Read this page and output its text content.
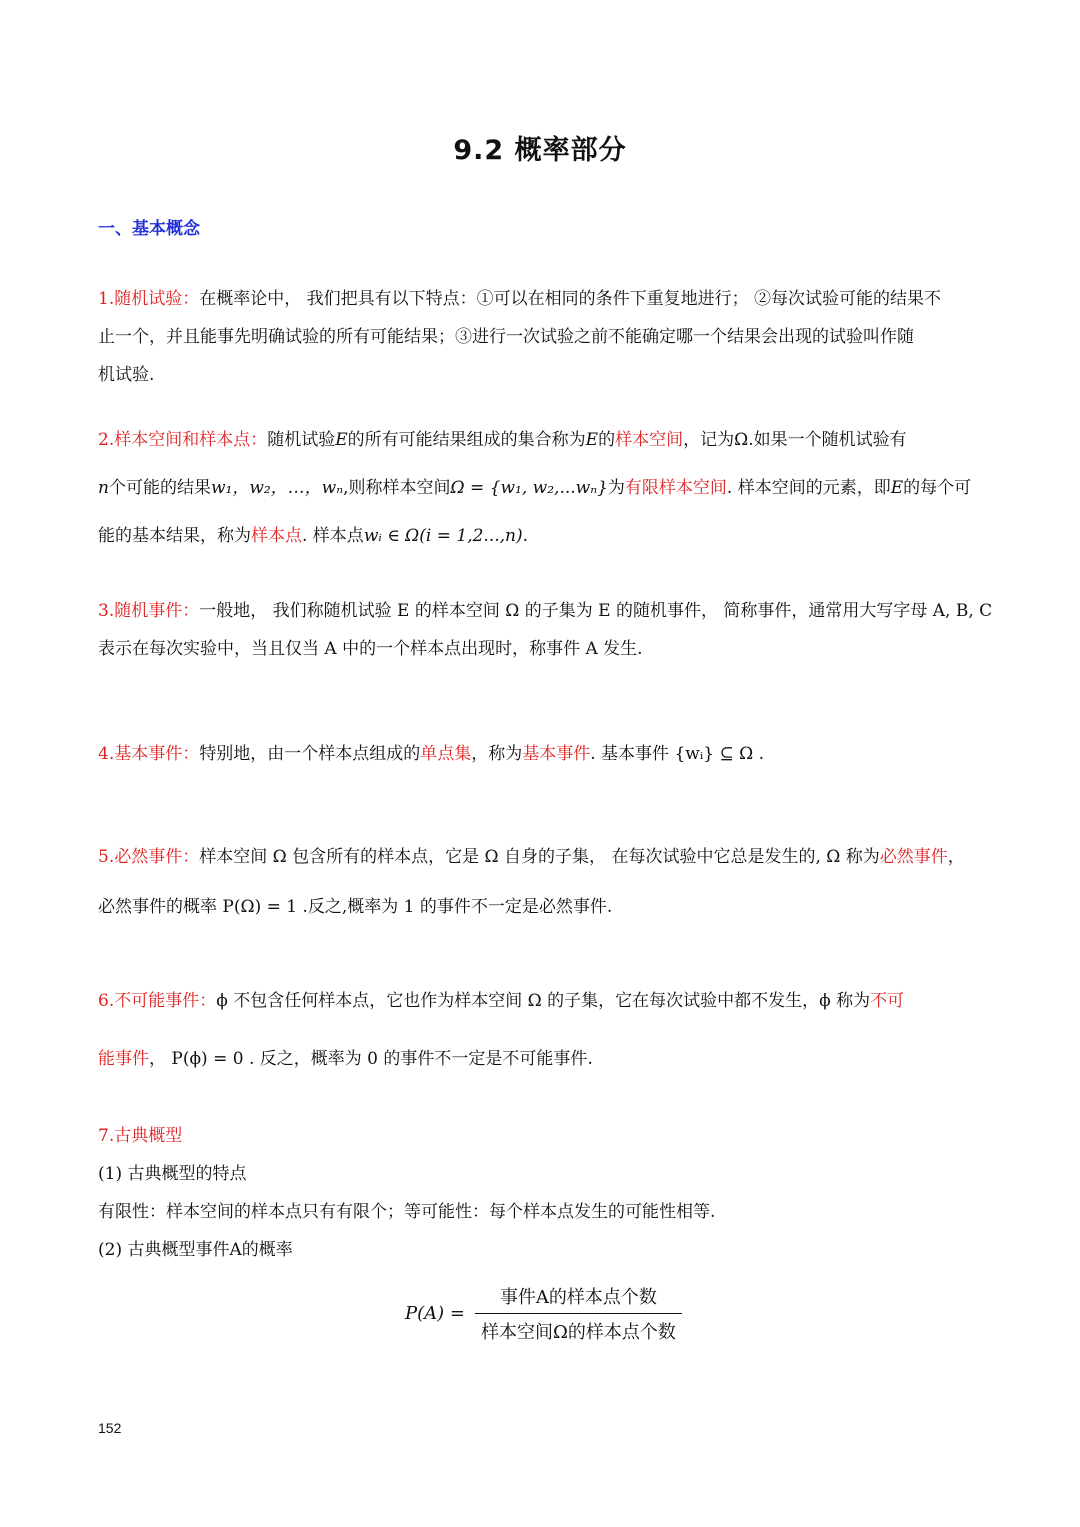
9.2 概率部分
一、基本概念
1.随机试验：在概率论中， 我们把具有以下特点：①可以在相同的条件下重复地进行； ②每次试验可能的结果不
止一个，并且能事先明确试验的所有可能结果；③进行一次试验之前不能确定哪一个结果会出现的试验叫作随
机试验.
2.样本空间和样本点：随机试验E的所有可能结果组成的集合称为E的样本空间，记为Ω.如果一个随机试验有
n个可能的结果w₁，w₂，…，wₙ,则称样本空间Ω = {w₁, w₂,...wₙ}为有限样本空间. 样本空间的元素，即E的每个可
能的基本结果，称为样本点. 样本点wᵢ ∈ Ω(i = 1,2...,n).
3.随机事件：一般地， 我们称随机试验 E 的样本空间 Ω 的子集为 E 的随机事件， 简称事件，通常用大写字母 A, B, C
表示在每次实验中，当且仅当 A 中的一个样本点出现时，称事件 A 发生.
4.基本事件：特别地，由一个样本点组成的单点集，称为基本事件. 基本事件 {wᵢ} ⊆ Ω .
5.必然事件：样本空间 Ω 包含所有的样本点，它是 Ω 自身的子集， 在每次试验中它总是发生的, Ω 称为必然事件，
必然事件的概率 P(Ω) = 1 .反之,概率为 1 的事件不一定是必然事件.
6.不可能事件：ϕ 不包含任何样本点，它也作为样本空间 Ω 的子集，它在每次试验中都不发生，ϕ 称为不可
能事件， P(ϕ) = 0 . 反之，概率为 0 的事件不一定是不可能事件.
7.古典概型
(1) 古典概型的特点
有限性：样本空间的样本点只有有限个；等可能性：每个样本点发生的可能性相等.
(2) 古典概型事件A的概率
$P(A) = \frac{\text{事件A的样本点个数}}{\text{样本空间Ω的样本点个数}}$
152
